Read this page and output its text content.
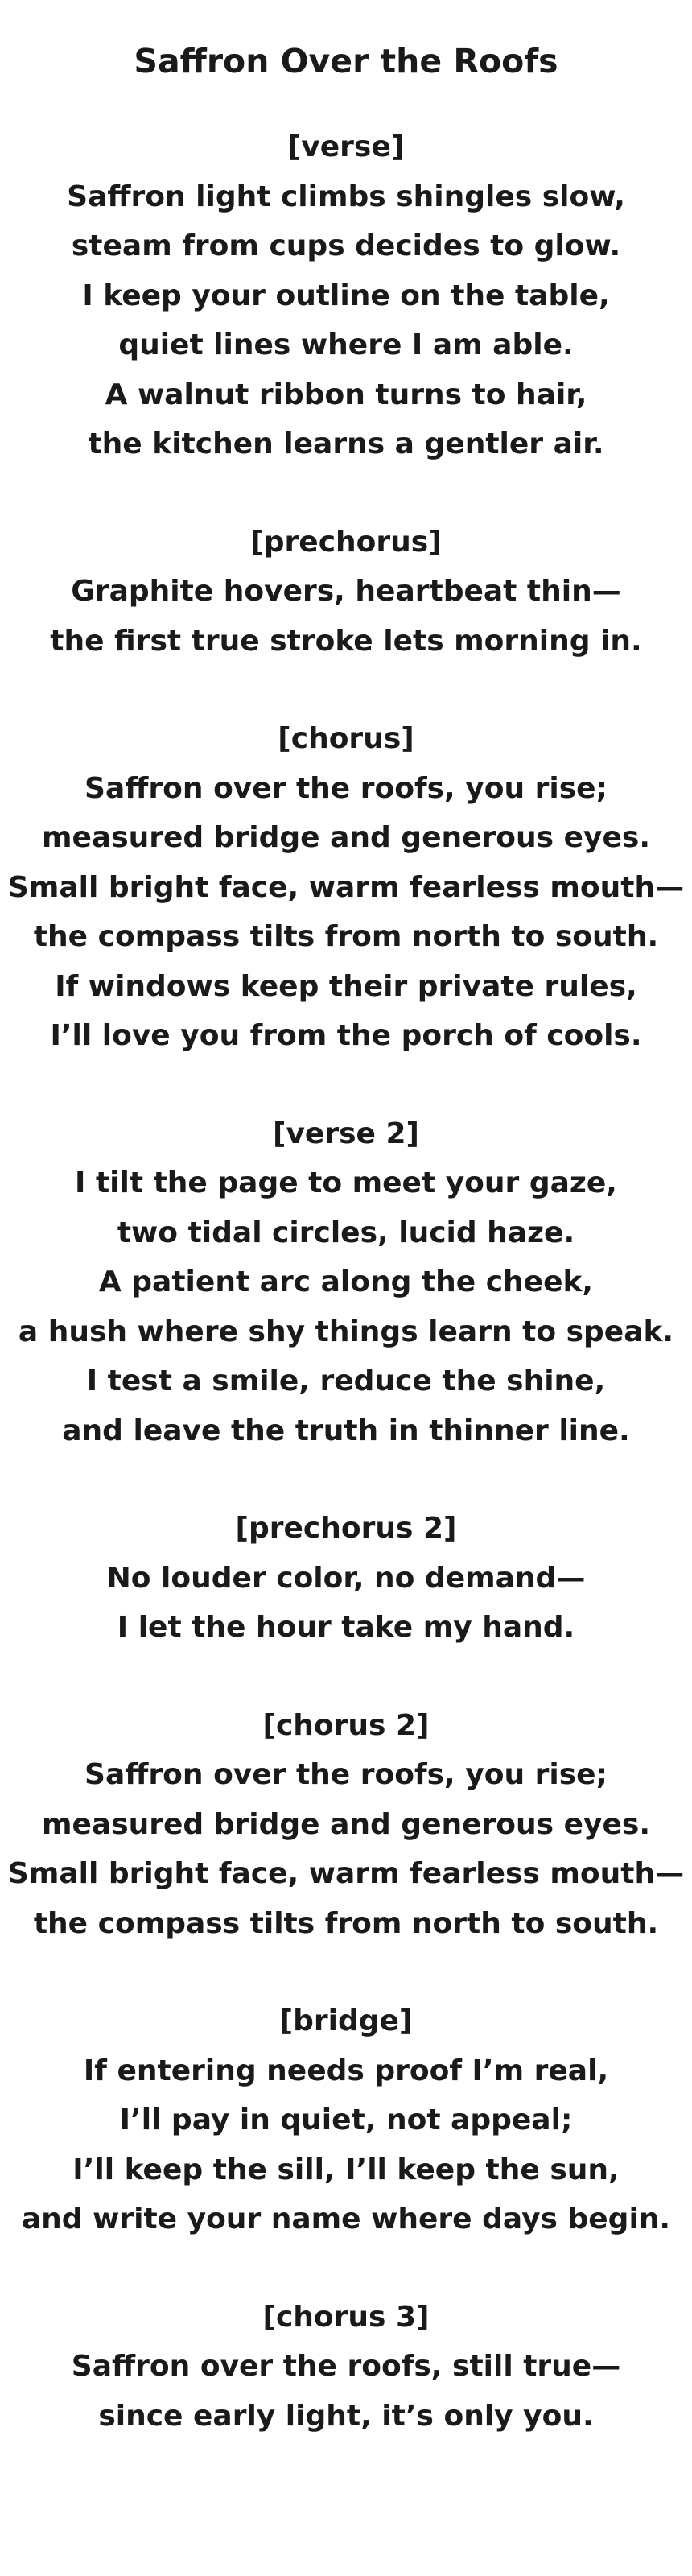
Saffron Over the Roofs

[verse]

Saffron light climbs shingles slow,

steam from cups decides to glow.

I keep your outline on the table,

quiet lines where I am able.

A walnut ribbon turns to hair,

the kitchen learns a gentler air.

[prechorus]

Graphite hovers, heartbeat thin—

the first true stroke lets morning in.

[chorus]

Saffron over the roofs, you rise;

measured bridge and generous eyes.

Small bright face, warm fearless mouth—

the compass tilts from north to south.

If windows keep their private rules,

I’ll love you from the porch of cools.

[verse 2]

I tilt the page to meet your gaze,

two tidal circles, lucid haze.

A patient arc along the cheek,

a hush where shy things learn to speak.

I test a smile, reduce the shine,

and leave the truth in thinner line.

[prechorus 2]

No louder color, no demand—

I let the hour take my hand.

[chorus 2]

Saffron over the roofs, you rise;

measured bridge and generous eyes.

Small bright face, warm fearless mouth—

the compass tilts from north to south.

[bridge]

If entering needs proof I’m real,

I’ll pay in quiet, not appeal;

I’ll keep the sill, I’ll keep the sun,

and write your name where days begin.

[chorus 3]

Saffron over the roofs, still true—

since early light, it’s only you.
